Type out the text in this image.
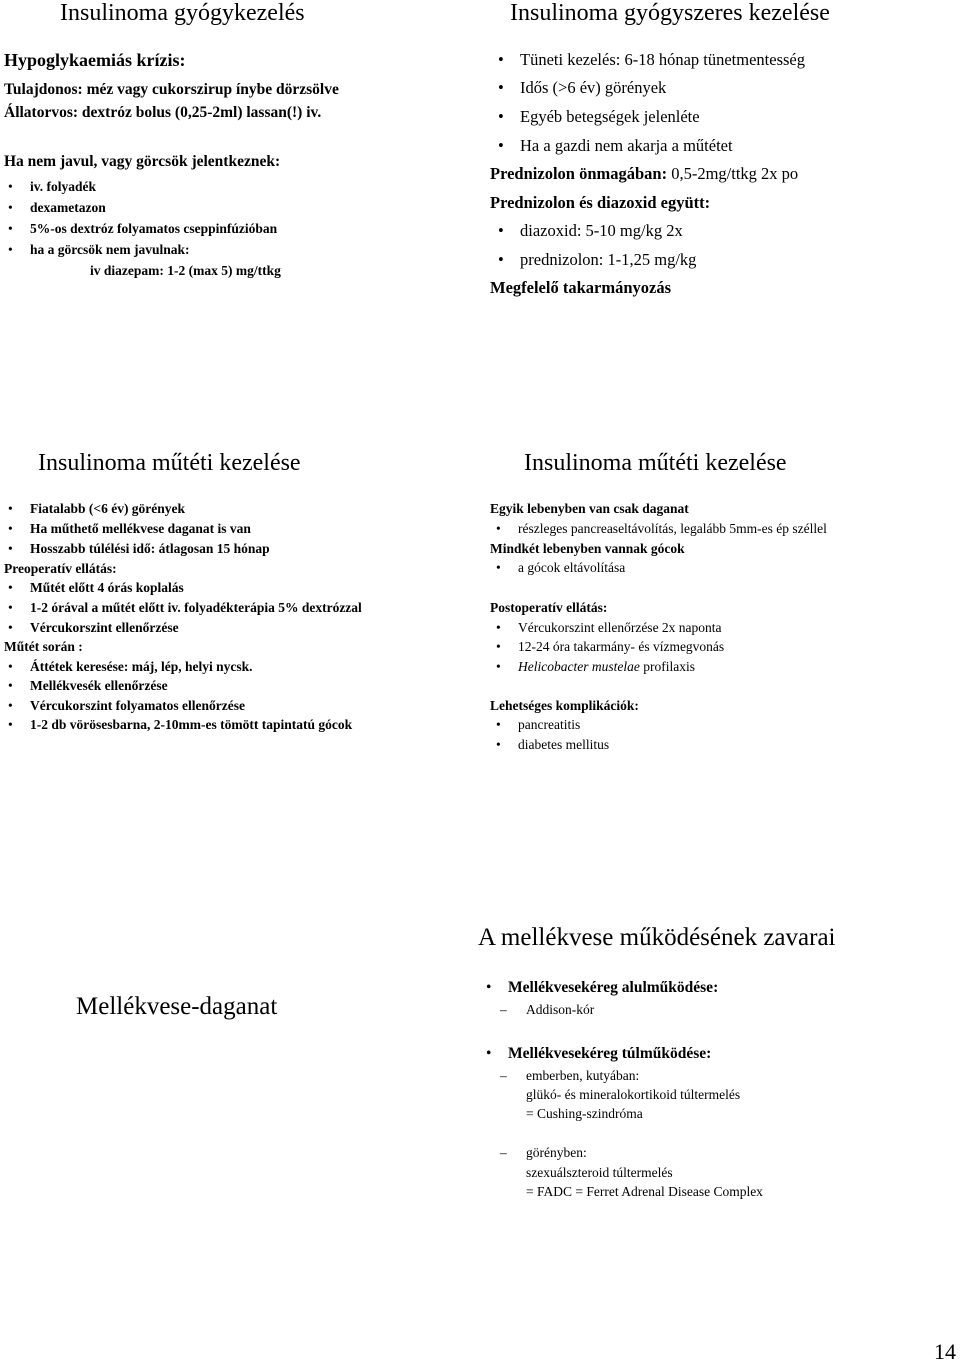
Insulinoma gyógykezelés
Hypoglykaemiás krízis:
Tulajdonos: méz vagy cukorszirup ínybe dörzsölve
Állatorvos: dextróz bolus (0,25-2ml) lassan(!) iv.
Ha nem javul, vagy görcsök jelentkeznek:
• iv. folyadék
• dexametazon
• 5%-os dextróz folyamatos cseppinfúzióban
• ha a görcsök nem javulnak:
iv diazepam: 1-2 (max 5) mg/ttkg
Insulinoma gyógyszeres kezelése
• Tüneti kezelés: 6-18 hónap tünetmentesség
• Idős (>6 év) görények
• Egyéb betegségek jelenléte
• Ha a gazdi nem akarja a műtétet
Prednizolon önmagában: 0,5-2mg/ttkg 2x po
Prednizolon és diazoxid együtt:
• diazoxid: 5-10 mg/kg 2x
• prednizolon: 1-1,25 mg/kg
Megfelelő takarmányozás
Insulinoma műtéti kezelése
• Fiatalabb (<6 év) görények
• Ha műthető mellékvese daganat is van
• Hosszabb túlélési idő: átlagosan 15 hónap
Preoperatív ellátás:
• Műtét előtt 4 órás koplalás
• 1-2 órával a műtét előtt iv. folyadékterápia 5% dextrózzal
• Vércukorszint ellenőrzése
Műtét során :
• Áttétek keresése: máj, lép, helyi nycsk.
• Mellékvesék ellenőrzése
• Vércukorszint folyamatos ellenőrzése
• 1-2 db vörösesbarna, 2-10mm-es tömött tapintatú gócok
Insulinoma műtéti kezelése
Egyik lebenyben van csak daganat
• részleges pancreaseltávolítás, legalább 5mm-es ép széllel
Mindkét lebenyben vannak gócok
• a gócok eltávolítása
Postoperatív ellátás:
• Vércukorszint ellenőrzése 2x naponta
• 12-24 óra takarmány- és vízmegvonás
• Helicobacter mustelae profilaxis
Lehetséges komplikációk:
• pancreatitis
• diabetes mellitus
Mellékvese-daganat
A mellékvese működésének zavarai
• Mellékvesekéreg alulműködése:
– Addison-kór
• Mellékvesekéreg túlműködése:
– emberben, kutyában:
glükó- és mineralokortikoid túltermelés
= Cushing-szindróma
– görényben:
szexuálszteroid túltermelés
= FADC = Ferret Adrenal Disease Complex
14
